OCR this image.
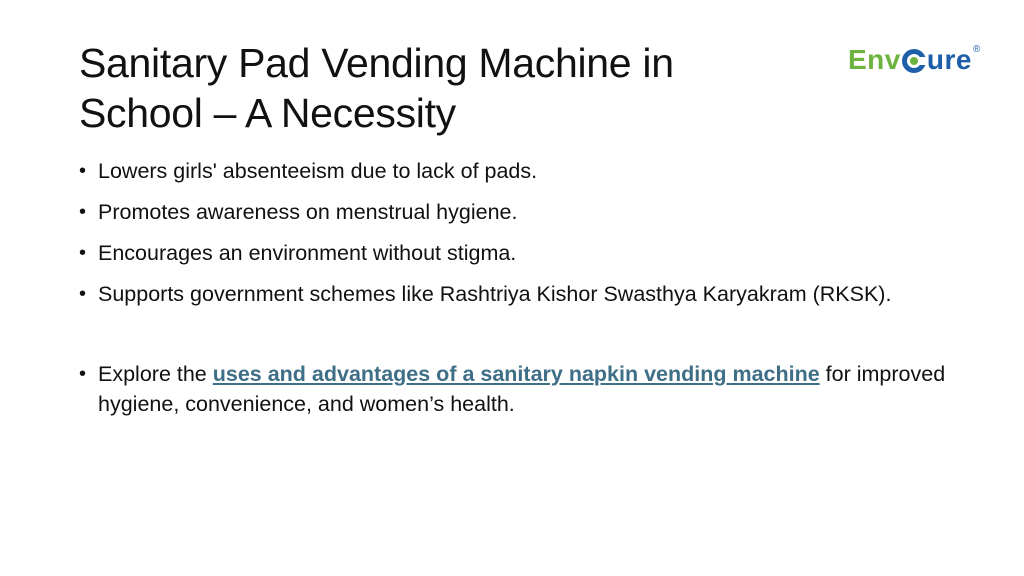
Sanitary Pad Vending Machine in
School – A Necessity
Env ure ®
• Lowers girls' absenteeism due to lack of pads.
• Promotes awareness on menstrual hygiene.
• Encourages an environment without stigma.
• Supports government schemes like Rashtriya Kishor Swasthya Karyakram (RKSK).
• Explore the uses and advantages of a sanitary napkin vending machine for improved hygiene, convenience, and women’s health.
